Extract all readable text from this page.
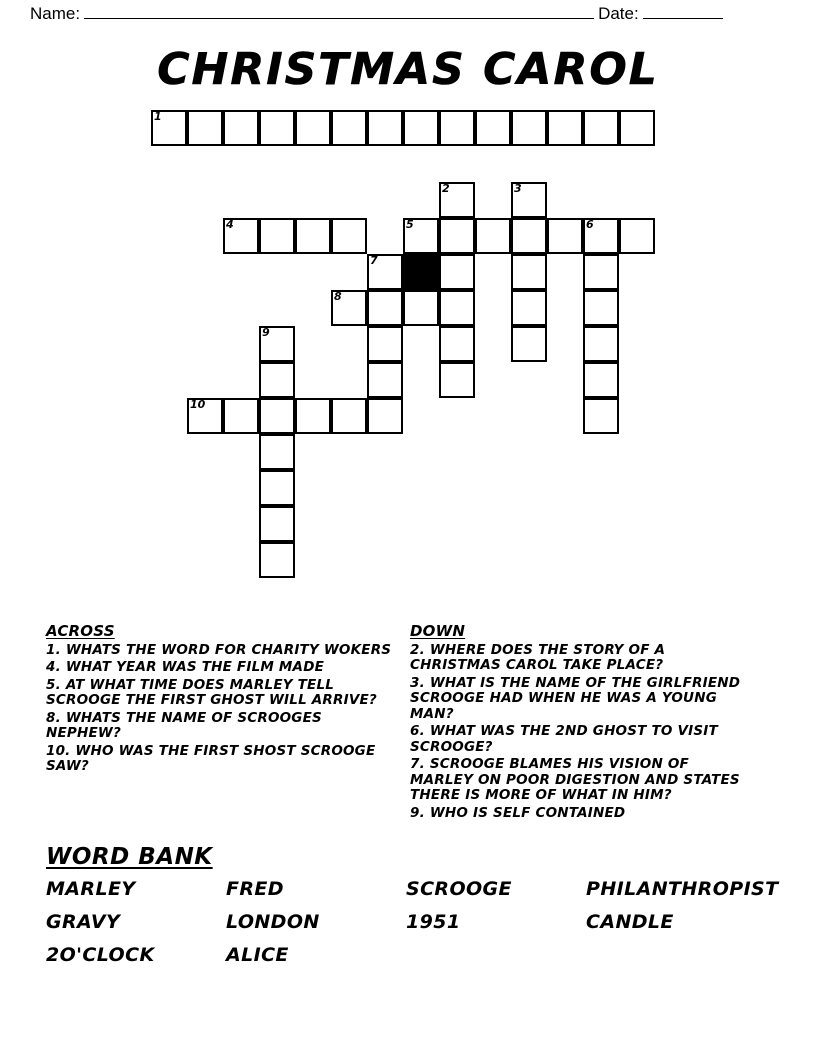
Name:	Date:
CHRISTMAS CAROL
1
2	3
4	5	6
7
8
9
10
ACROSS
1. WHATS THE WORD FOR CHARITY WOKERS
4. WHAT YEAR WAS THE FILM MADE
5. AT WHAT TIME DOES MARLEY TELL SCROOGE THE FIRST GHOST WILL ARRIVE?
8. WHATS THE NAME OF SCROOGES NEPHEW?
10. WHO WAS THE FIRST SHOST SCROOGE SAW?
DOWN
2. WHERE DOES THE STORY OF A CHRISTMAS CAROL TAKE PLACE?
3. WHAT IS THE NAME OF THE GIRLFRIEND SCROOGE HAD WHEN HE WAS A YOUNG MAN?
6. WHAT WAS THE 2ND GHOST TO VISIT SCROOGE?
7. SCROOGE BLAMES HIS VISION OF MARLEY ON POOR DIGESTION AND STATES THERE IS MORE OF WHAT IN HIM?
9. WHO IS SELF CONTAINED
WORD BANK
MARLEY	FRED	SCROOGE	PHILANTHROPIST
GRAVY	LONDON	1951	CANDLE
2O'CLOCK	ALICE
